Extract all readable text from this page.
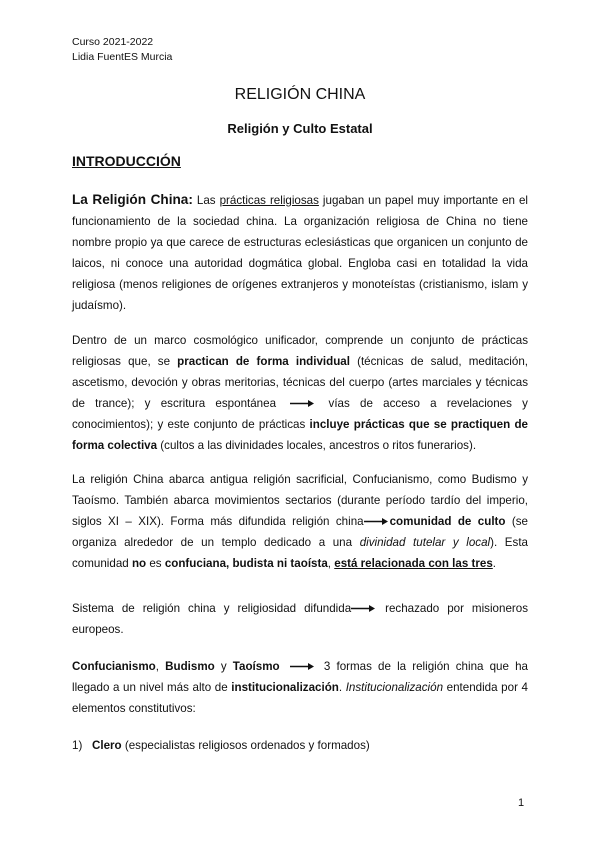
Curso 2021-2022
Lidia FuentES Murcia
RELIGIÓN CHINA
Religión y Culto Estatal
INTRODUCCIÓN
La Religión China: Las prácticas religiosas jugaban un papel muy importante en el funcionamiento de la sociedad china. La organización religiosa de China no tiene nombre propio ya que carece de estructuras eclesiásticas que organicen un conjunto de laicos, ni conoce una autoridad dogmática global. Engloba casi en totalidad la vida religiosa (menos religiones de orígenes extranjeros y monoteístas (cristianismo, islam y judaísmo).
Dentro de un marco cosmológico unificador, comprende un conjunto de prácticas religiosas que, se practican de forma individual (técnicas de salud, meditación, ascetismo, devoción y obras meritorias, técnicas del cuerpo (artes marciales y técnicas de trance); y escritura espontánea	vías de acceso a revelaciones y conocimientos); y este conjunto de prácticas incluye prácticas que se practiquen de forma colectiva (cultos a las divinidades locales, ancestros o ritos funerarios).
La religión China abarca antigua religión sacrificial, Confucianismo, como Budismo y Taoísmo. También abarca movimientos sectarios (durante período tardío del imperio, siglos XI – XIX). Forma más difundida religión china comunidad de culto (se organiza alrededor de un templo dedicado a una divinidad tutelar y local). Esta comunidad no es confuciana, budista ni taoísta, está relacionada con las tres.
Sistema de religión china y religiosidad difundida rechazado por misioneros europeos.
Confucianismo, Budismo y Taoísmo	3 formas de la religión china que ha llegado a un nivel más alto de institucionalización. Institucionalización entendida por 4 elementos constitutivos:
1) Clero (especialistas religiosos ordenados y formados)
1
